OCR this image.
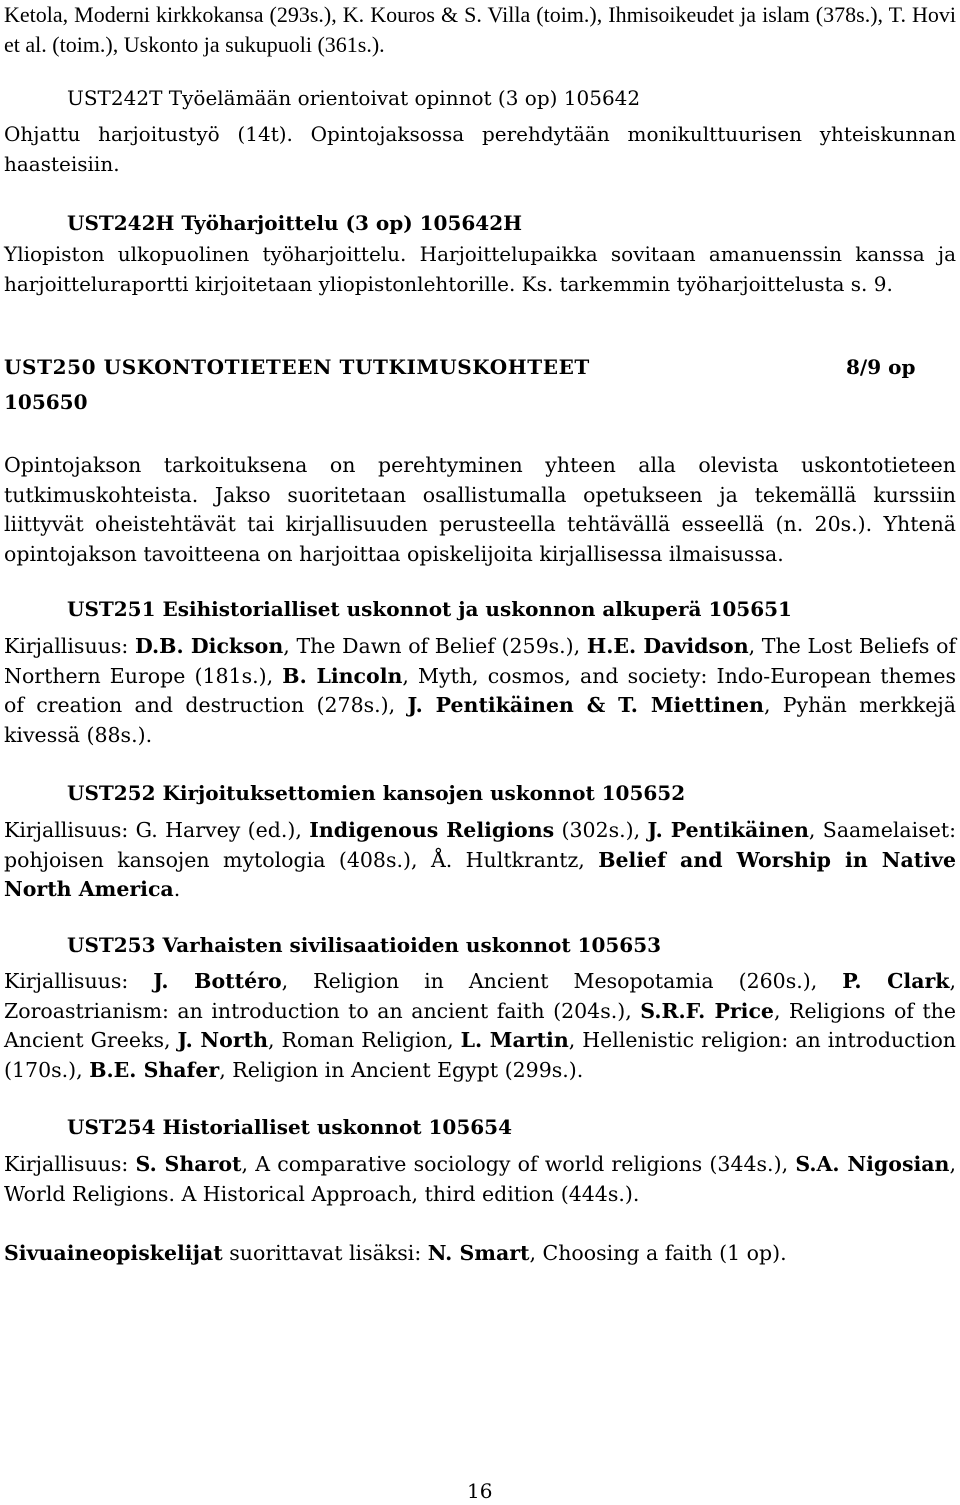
Ketola, Moderni kirkkokansa (293s.), K. Kouros & S. Villa (toim.), Ihmisoikeudet ja islam (378s.), T. Hovi et al. (toim.), Uskonto ja sukupuoli (361s.).

UST242T Työelämään orientoivat opinnot (3 op) 105642

Ohjattu harjoitustyö (14t). Opintojaksossa perehdytään monikulttuurisen yhteiskunnan haasteisiin.

UST242H Työharjoittelu (3 op) 105642H

Yliopiston ulkopuolinen työharjoittelu. Harjoittelupaikka sovitaan amanuenssin kanssa ja harjoitteluraportti kirjoitetaan yliopistonlehtorille. Ks. tarkemmin työharjoittelusta s. 9.

UST250 USKONTOTIETEEN TUTKIMUSKOHTEET	8/9 op

105650

Opintojakson tarkoituksena on perehtyminen yhteen alla olevista uskontotieteen tutkimuskohteista. Jakso suoritetaan osallistumalla opetukseen ja tekemällä kurssiin liittyvät oheistehtävät tai kirjallisuuden perusteella tehtävällä esseellä (n. 20s.). Yhtenä opintojakson tavoitteena on harjoittaa opiskelijoita kirjallisessa ilmaisussa.

UST251 Esihistorialliset uskonnot ja uskonnon alkuperä 105651

Kirjallisuus: D.B. Dickson, The Dawn of Belief (259s.), H.E. Davidson, The Lost Beliefs of Northern Europe (181s.), B. Lincoln, Myth, cosmos, and society: Indo-European themes of creation and destruction (278s.), J. Pentikäinen & T. Miettinen, Pyhän merkkejä kivessä (88s.).

UST252 Kirjoituksettomien kansojen uskonnot 105652

Kirjallisuus: G. Harvey (ed.), Indigenous Religions (302s.), J. Pentikäinen, Saamelaiset: pohjoisen kansojen mytologia (408s.), Å. Hultkrantz, Belief and Worship in Native North America.

UST253 Varhaisten sivilisaatioiden uskonnot 105653

Kirjallisuus: J. Bottéro, Religion in Ancient Mesopotamia (260s.), P. Clark, Zoroastrianism: an introduction to an ancient faith (204s.), S.R.F. Price, Religions of the Ancient Greeks, J. North, Roman Religion, L. Martin, Hellenistic religion: an introduction (170s.), B.E. Shafer, Religion in Ancient Egypt (299s.).

UST254 Historialliset uskonnot 105654

Kirjallisuus: S. Sharot, A comparative sociology of world religions (344s.), S.A. Nigosian, World Religions. A Historical Approach, third edition (444s.).

Sivuaineopiskelijat suorittavat lisäksi: N. Smart, Choosing a faith (1 op).

16
